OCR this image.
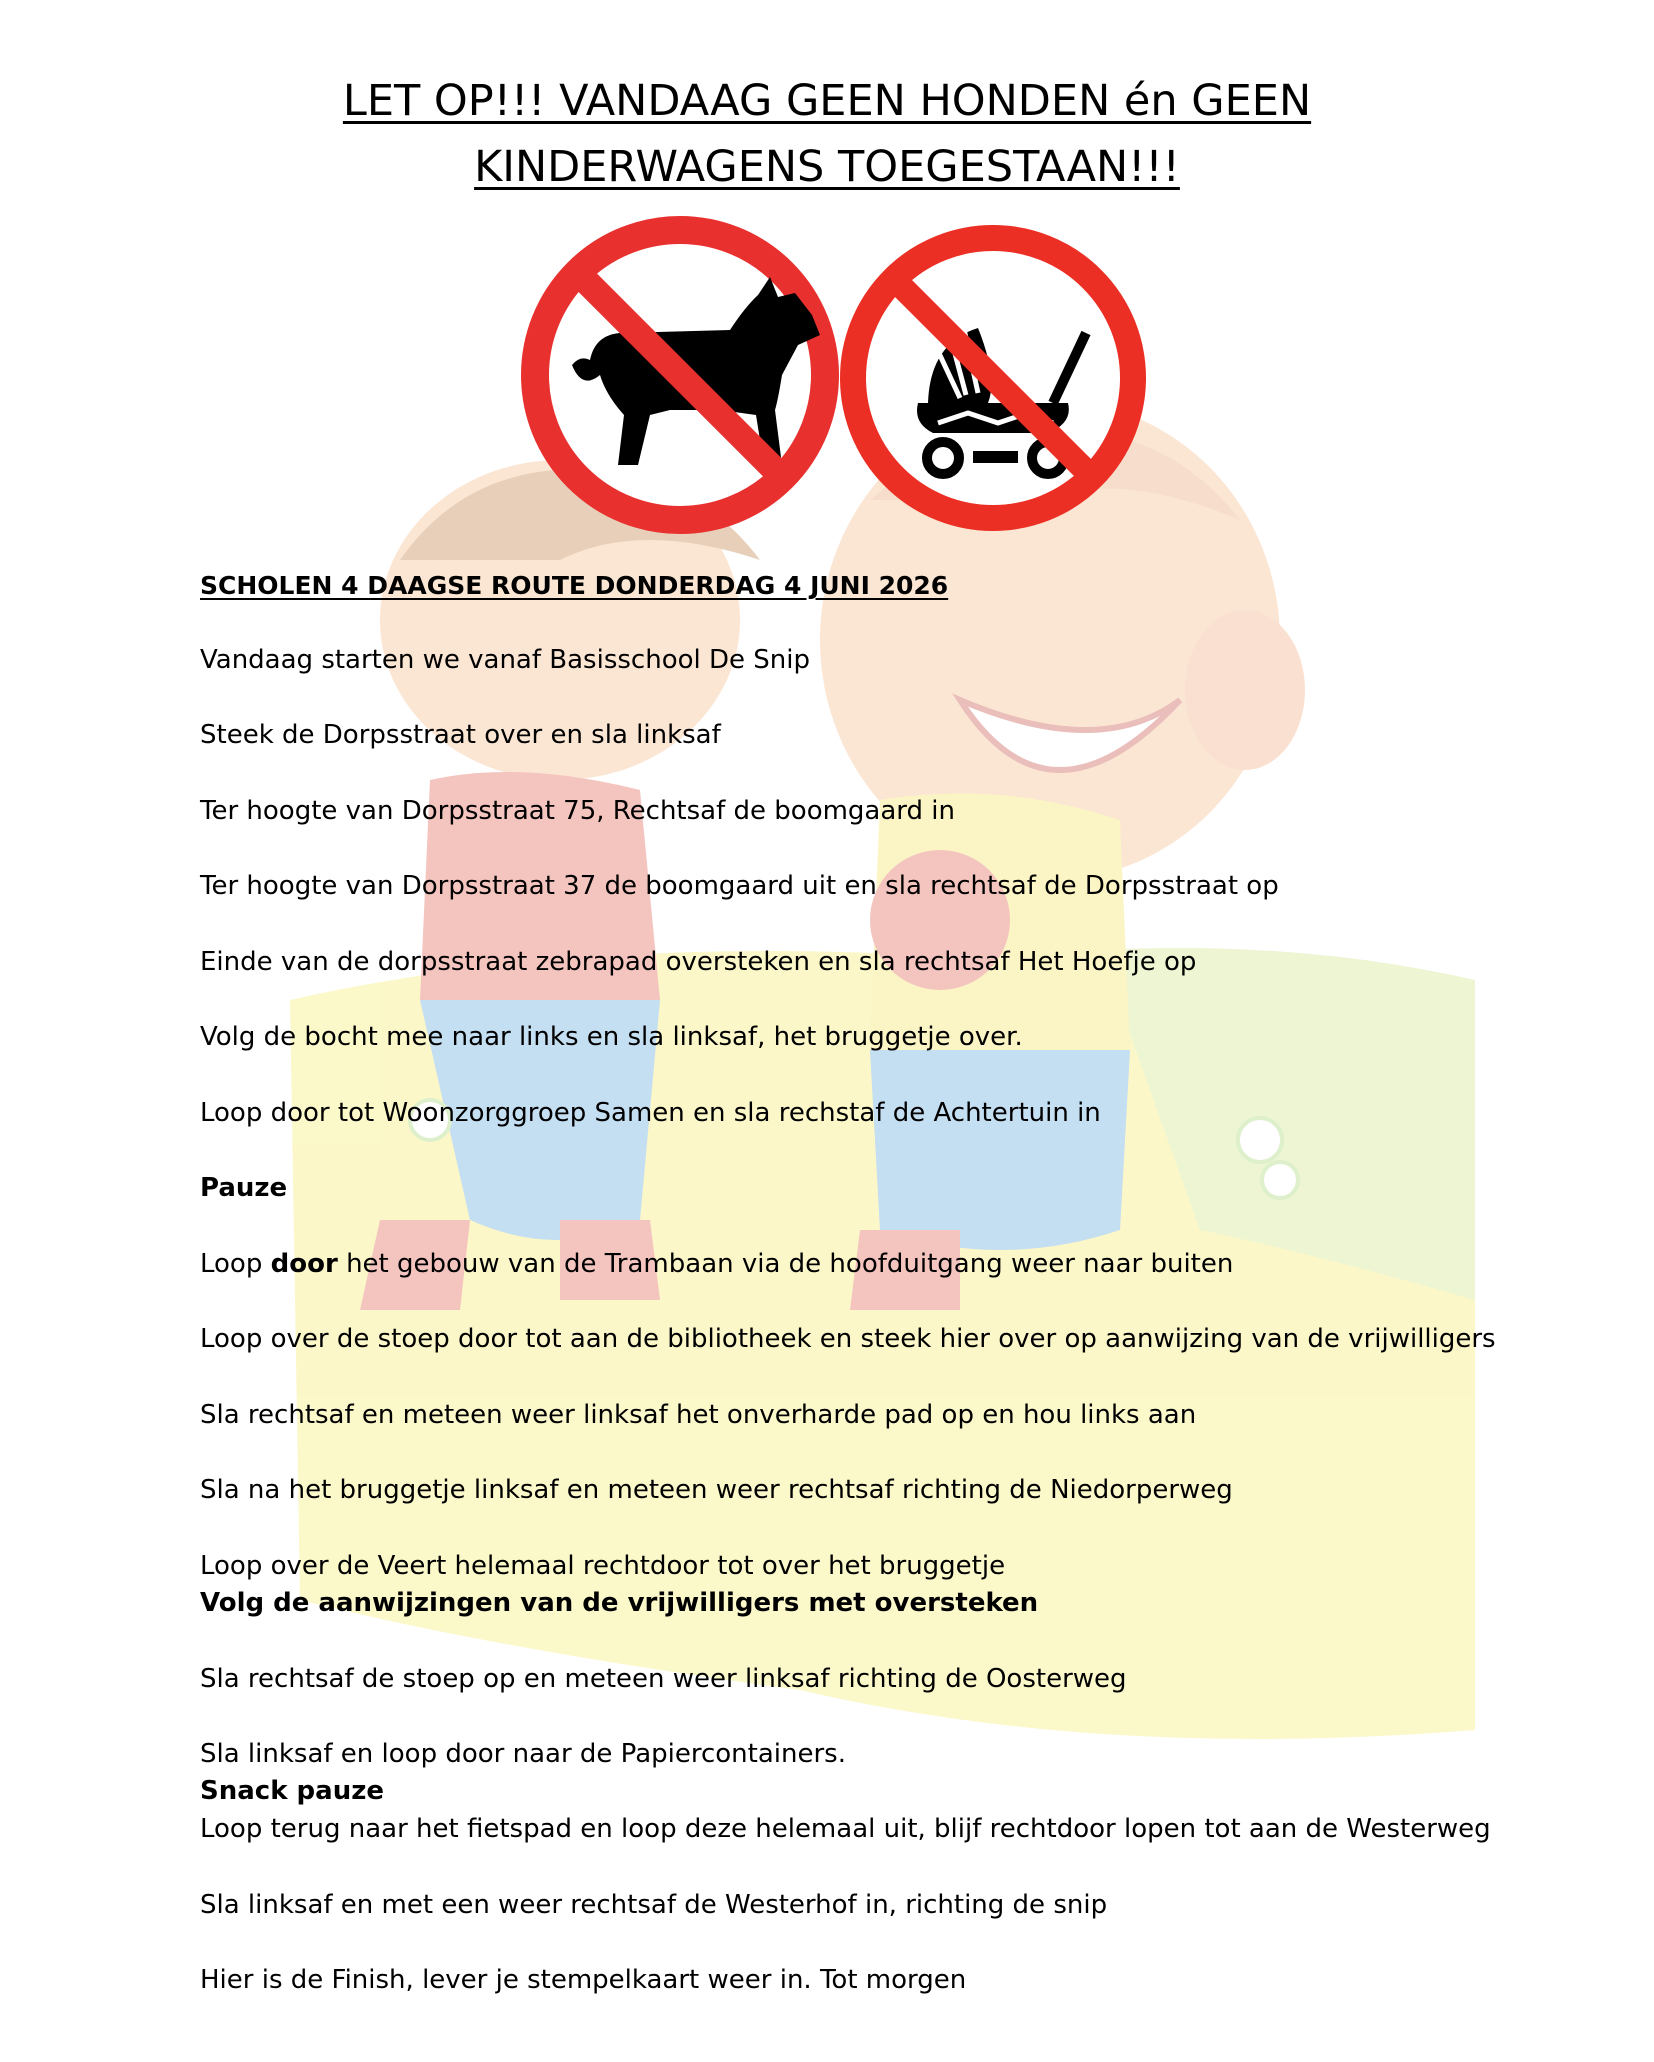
LET OP!!! VANDAAG GEEN HONDEN én GEEN
KINDERWAGENS TOEGESTAAN!!!
SCHOLEN 4 DAAGSE ROUTE DONDERDAG 4 JUNI 2026
Vandaag starten we vanaf Basisschool De Snip
Steek de Dorpsstraat over en sla linksaf
Ter hoogte van Dorpsstraat 75, Rechtsaf de boomgaard in
Ter hoogte van Dorpsstraat 37 de boomgaard uit en sla rechtsaf de Dorpsstraat op
Einde van de dorpsstraat zebrapad oversteken en sla rechtsaf Het Hoefje op
Volg de bocht mee naar links en sla linksaf, het bruggetje over.
Loop door tot Woonzorggroep Samen en sla rechstaf de Achtertuin in
Pauze
Loop door het gebouw van de Trambaan via de hoofduitgang weer naar buiten
Loop over de stoep door tot aan de bibliotheek en steek hier over op aanwijzing van de vrijwilligers
Sla rechtsaf en meteen weer linksaf het onverharde pad op en hou links aan
Sla na het bruggetje linksaf en meteen weer rechtsaf richting de Niedorperweg
Loop over de Veert helemaal rechtdoor tot over het bruggetje
Volg de aanwijzingen van de vrijwilligers met oversteken
Sla rechtsaf de stoep op en meteen weer linksaf richting de Oosterweg
Sla linksaf en loop door naar de Papiercontainers.
Snack pauze
Loop terug naar het fietspad en loop deze helemaal uit, blijf rechtdoor lopen tot aan de Westerweg
Sla linksaf en met een weer rechtsaf de Westerhof in, richting de snip
Hier is de Finish, lever je stempelkaart weer in. Tot morgen
